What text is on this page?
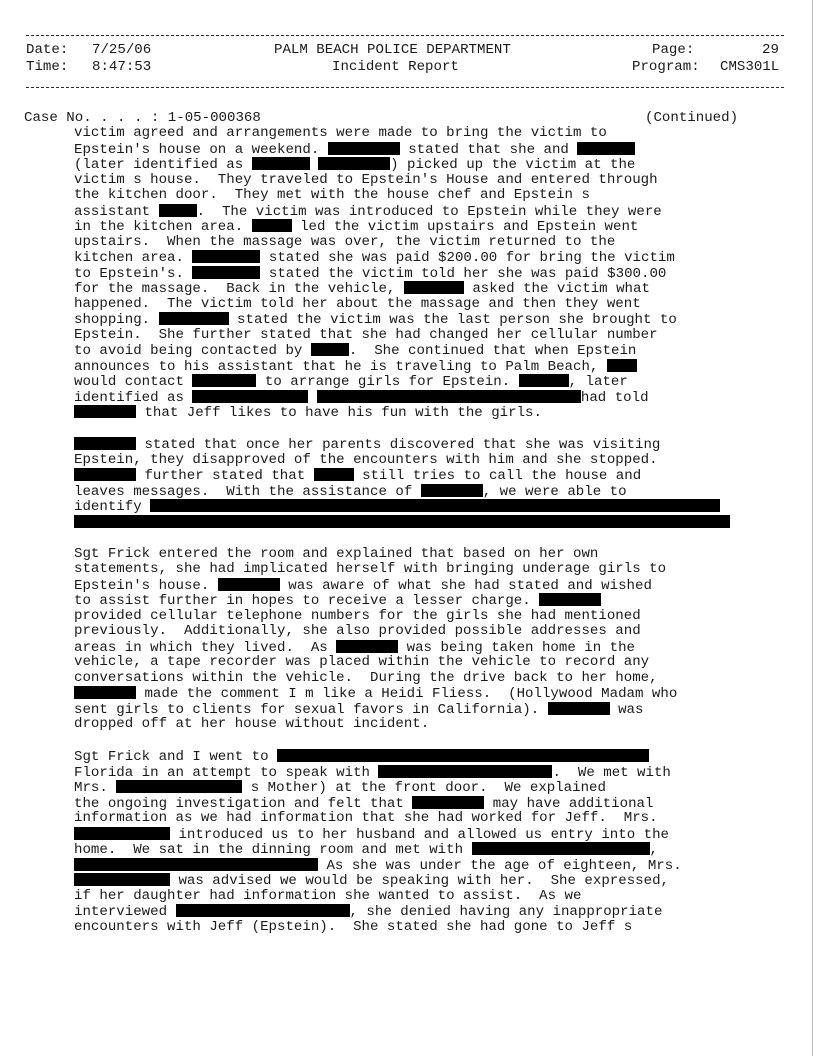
Date: 7/25/06
Time: 8:47:53
PALM BEACH POLICE DEPARTMENT
Incident Report
Page:	29
Program: CMS301L
Case No. . . . : 1-05-000368	(Continued)
victim agreed and arrangements were made to bring the victim to
Epstein's house on a weekend.	stated that she and
(later identified as	) picked up the victim at the
victim s house.  They traveled to Epstein's House and entered through
the kitchen door.  They met with the house chef and Epstein s
assistant	.  The victim was introduced to Epstein while they were
in the kitchen area.	led the victim upstairs and Epstein went
upstairs.  When the massage was over, the victim returned to the
kitchen area.	stated she was paid $200.00 for bring the victim
to Epstein's.	stated the victim told her she was paid $300.00
for the massage.  Back in the vehicle,	asked the victim what
happened.  The victim told her about the massage and then they went
shopping.	stated the victim was the last person she brought to
Epstein.  She further stated that she had changed her cellular number
to avoid being contacted by	.  She continued that when Epstein
announces to his assistant that he is traveling to Palm Beach,
would contact	to arrange girls for Epstein.	, later
identified as	had told
that Jeff likes to have his fun with the girls.
stated that once her parents discovered that she was visiting
Epstein, they disapproved of the encounters with him and she stopped.
further stated that	still tries to call the house and
leaves messages.  With the assistance of	, we were able to
identify
Sgt Frick entered the room and explained that based on her own
statements, she had implicated herself with bringing underage girls to
Epstein's house.	was aware of what she had stated and wished
to assist further in hopes to receive a lesser charge.
provided cellular telephone numbers for the girls she had mentioned
previously.  Additionally, she also provided possible addresses and
areas in which they lived.  As	was being taken home in the
vehicle, a tape recorder was placed within the vehicle to record any
conversations within the vehicle.  During the drive back to her home,
made the comment I m like a Heidi Fliess.  (Hollywood Madam who
sent girls to clients for sexual favors in California).	was
dropped off at her house without incident.
Sgt Frick and I went to
Florida in an attempt to speak with	.  We met with
Mrs.	s Mother) at the front door.  We explained
the ongoing investigation and felt that	may have additional
information as we had information that she had worked for Jeff.  Mrs.
introduced us to her husband and allowed us entry into the
home.  We sat in the dinning room and met with	,
As she was under the age of eighteen, Mrs.
was advised we would be speaking with her.  She expressed,
if her daughter had information she wanted to assist.  As we
interviewed	, she denied having any inappropriate
encounters with Jeff (Epstein).  She stated she had gone to Jeff s
